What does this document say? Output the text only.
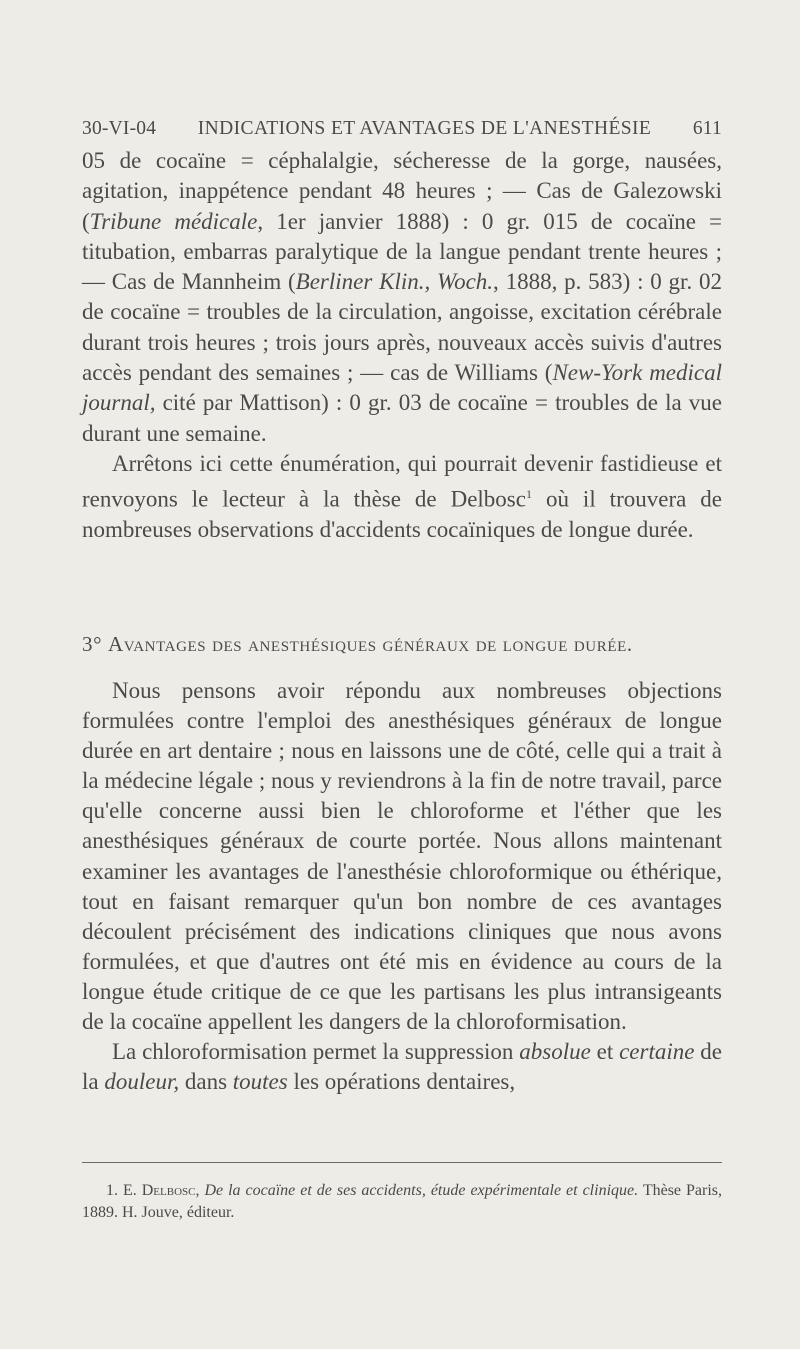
30-VI-04 INDICATIONS ET AVANTAGES DE L'ANESTHÉSIE 611

05 de cocaïne = céphalalgie, sécheresse de la gorge, nausées, agitation, inappétence pendant 48 heures ; — Cas de Galezowski (Tribune médicale, 1er janvier 1888) : 0 gr. 015 de cocaïne = titubation, embarras paralytique de la langue pendant trente heures ; — Cas de Mannheim (Berliner Klin., Woch., 1888, p. 583) : 0 gr. 02 de cocaïne = troubles de la circulation, angoisse, excitation cérébrale durant trois heures ; trois jours après, nouveaux accès suivis d'autres accès pendant des semaines ; — cas de Williams (New-York medical journal, cité par Mattison) : 0 gr. 03 de cocaïne = troubles de la vue durant une semaine.

Arrêtons ici cette énumération, qui pourrait devenir fastidieuse et renvoyons le lecteur à la thèse de Delbosc$^1$ où il trouvera de nombreuses observations d'accidents cocaïniques de longue durée.

3° Avantages des anesthésiques généraux de longue durée.

Nous pensons avoir répondu aux nombreuses objections formulées contre l'emploi des anesthésiques généraux de longue durée en art dentaire ; nous en laissons une de côté, celle qui a trait à la médecine légale ; nous y reviendrons à la fin de notre travail, parce qu'elle concerne aussi bien le chloroforme et l'éther que les anesthésiques généraux de courte portée. Nous allons maintenant examiner les avantages de l'anesthésie chloroformique ou éthérique, tout en faisant remarquer qu'un bon nombre de ces avantages découlent précisément des indications cliniques que nous avons formulées, et que d'autres ont été mis en évidence au cours de la longue étude critique de ce que les partisans les plus intransigeants de la cocaïne appellent les dangers de la chloroformisation.

La chloroformisation permet la suppression absolue et certaine de la douleur, dans toutes les opérations dentaires,

1. E. Delbosc, De la cocaïne et de ses accidents, étude expérimentale et clinique. Thèse Paris, 1889. H. Jouve, éditeur.
